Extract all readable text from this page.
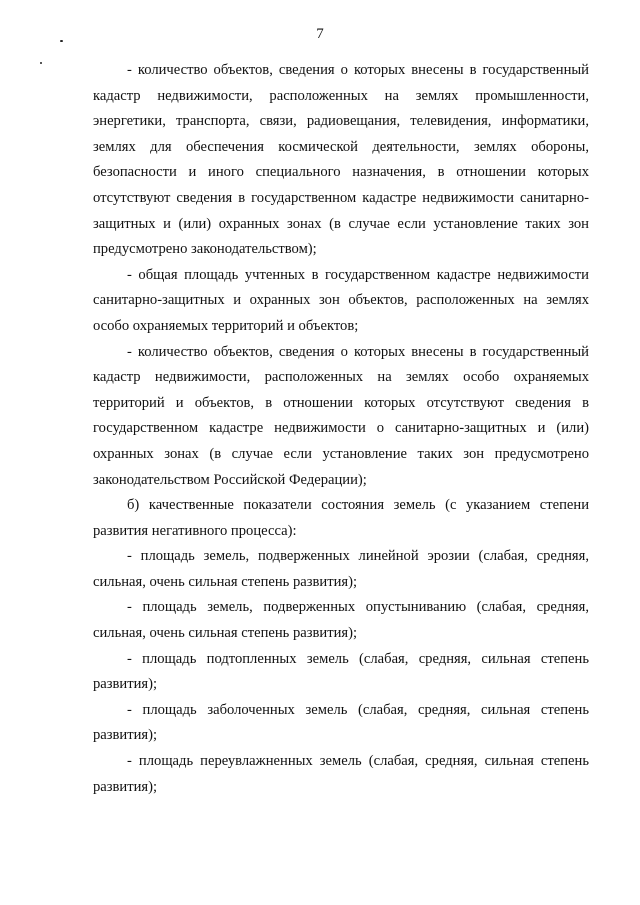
7

- количество объектов, сведения о которых внесены в государственный кадастр недвижимости, расположенных на землях промышленности, энергетики, транспорта, связи, радиовещания, телевидения, информатики, землях для обеспечения космической деятельности, землях обороны, безопасности и иного специального назначения, в отношении которых отсутствуют сведения в государственном кадастре недвижимости санитарно-защитных и (или) охранных зонах (в случае если установление таких зон предусмотрено законодательством);

- общая площадь учтенных в государственном кадастре недвижимости санитарно-защитных и охранных зон объектов, расположенных на землях особо охраняемых территорий и объектов;

- количество объектов, сведения о которых внесены в государственный кадастр недвижимости, расположенных на землях особо охраняемых территорий и объектов, в отношении которых отсутствуют сведения в государственном кадастре недвижимости о санитарно-защитных и (или) охранных зонах (в случае если установление таких зон предусмотрено законодательством Российской Федерации);

б) качественные показатели состояния земель (с указанием степени развития негативного процесса):

- площадь земель, подверженных линейной эрозии (слабая, средняя, сильная, очень сильная степень развития);

- площадь земель, подверженных опустыниванию (слабая, средняя, сильная, очень сильная степень развития);

- площадь подтопленных земель (слабая, средняя, сильная степень развития);

- площадь заболоченных земель (слабая, средняя, сильная степень развития);

- площадь переувлажненных земель (слабая, средняя, сильная степень развития);
